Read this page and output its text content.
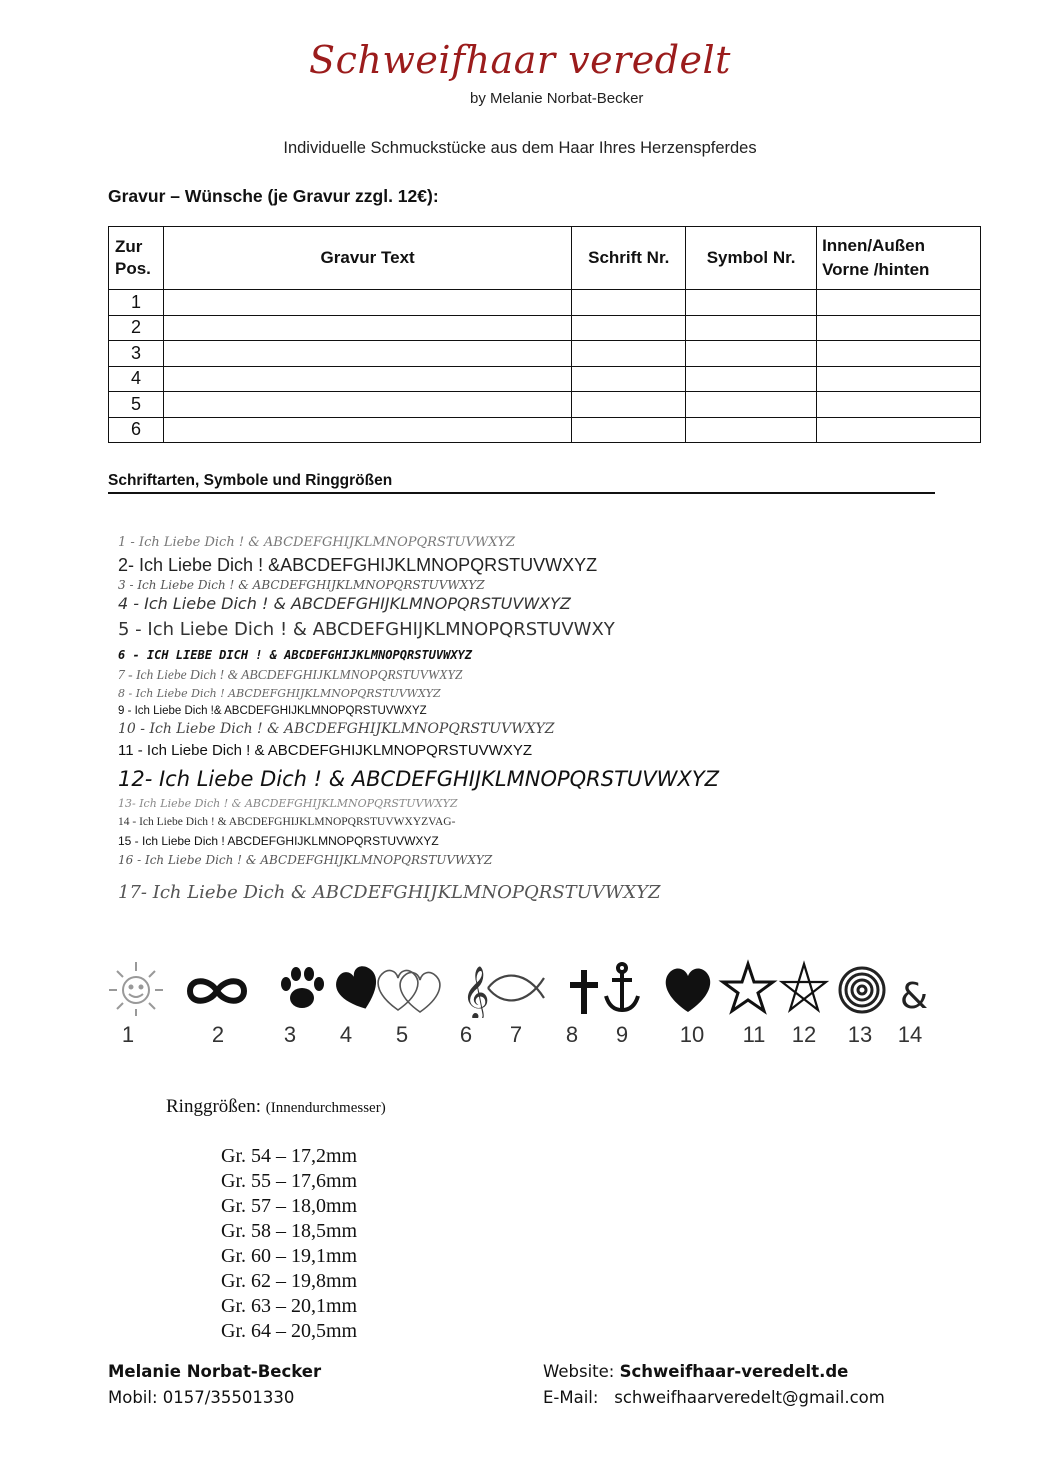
Schweifhaar veredelt
by Melanie Norbat-Becker
Individuelle Schmuckstücke aus dem Haar Ihres Herzenspferdes
Gravur – Wünsche (je Gravur zzgl. 12€):
Zur
Pos.	Gravur Text	Schrift Nr.	Symbol Nr.	Innen/Außen
Vorne /hinten
1				
2				
3				
4				
5				
6				
Schriftarten, Symbole und Ringgrößen
1 - Ich Liebe Dich ! & ABCDEFGHIJKLMNOPQRSTUVWXYZ
2- Ich Liebe Dich ! &ABCDEFGHIJKLMNOPQRSTUVWXYZ
3 - Ich Liebe Dich ! & ABCDEFGHIJKLMNOPQRSTUVWXYZ
4 - Ich Liebe Dich ! & ABCDEFGHIJKLMNOPQRSTUVWXYZ
5 - Ich Liebe Dich ! & ABCDEFGHIJKLMNOPQRSTUVWXY
6 - ICH LIEBE DICH ! & ABCDEFGHIJKLMNOPQRSTUVWXYZ
7 - Ich Liebe Dich ! & ABCDEFGHIJKLMNOPQRSTUVWXYZ
8 - Ich Liebe Dich ! ABCDEFGHIJKLMNOPQRSTUVWXYZ
9 - Ich Liebe Dich !& ABCDEFGHIJKLMNOPQRSTUVWXYZ
10 - Ich Liebe Dich ! & ABCDEFGHIJKLMNOPQRSTUVWXYZ
11 - Ich Liebe Dich ! & ABCDEFGHIJKLMNOPQRSTUVWXYZ
12- Ich Liebe Dich ! & ABCDEFGHIJKLMNOPQRSTUVWXYZ
13- Ich Liebe Dich ! & ABCDEFGHIJKLMNOPQRSTUVWXYZ
14 - Ich Liebe Dich ! & ABCDEFGHIJKLMNOPQRSTUVWXYZVAG-
15 - Ich Liebe Dich ! ABCDEFGHIJKLMNOPQRSTUVWXYZ
16 - Ich Liebe Dich ! & ABCDEFGHIJKLMNOPQRSTUVWXYZ
17- Ich Liebe Dich & ABCDEFGHIJKLMNOPQRSTUVWXYZ
𝄞	&
1	2	3	4	5	6	7	8	9	10	11	12	13	14
Ringgrößen: (Innendurchmesser)
Gr. 54 – 17,2mm
Gr. 55 – 17,6mm
Gr. 57 – 18,0mm
Gr. 58 – 18,5mm
Gr. 60 – 19,1mm
Gr. 62 – 19,8mm
Gr. 63 – 20,1mm
Gr. 64 – 20,5mm
Melanie Norbat-Becker
Mobil: 0157/35501330
Website: Schweifhaar-veredelt.de
E-Mail: schweifhaarveredelt@gmail.com
